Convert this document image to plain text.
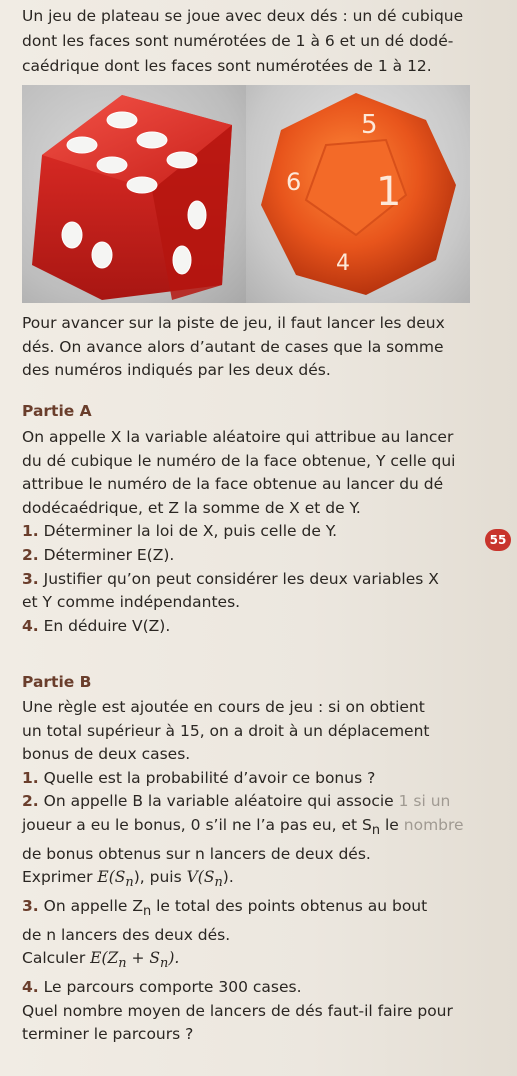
Un jeu de plateau se joue avec deux dés : un dé cubique
dont les faces sont numérotées de 1 à 6 et un dé dodé-
caédrique dont les faces sont numérotées de 1 à 12.
5
6 1
4
Pour avancer sur la piste de jeu, il faut lancer les deux
dés. On avance alors d’autant de cases que la somme
des numéros indiqués par les deux dés.
Partie A
On appelle X la variable aléatoire qui attribue au lancer
du dé cubique le numéro de la face obtenue, Y celle qui
attribue le numéro de la face obtenue au lancer du dé
dodécaédrique, et Z la somme de X et de Y.
1. Déterminer la loi de X, puis celle de Y.
2. Déterminer E(Z).
3. Justifier qu’on peut considérer les deux variables X
et Y comme indépendantes.
4. En déduire V(Z).
55
Partie B
Une règle est ajoutée en cours de jeu : si on obtient
un total supérieur à 15, on a droit à un déplacement
bonus de deux cases.
1. Quelle est la probabilité d’avoir ce bonus ?
2. On appelle B la variable aléatoire qui associe 1 si un
joueur a eu le bonus, 0 s’il ne l’a pas eu, et $S_n$ le nombre
de bonus obtenus sur n lancers de deux dés.
Exprimer $E(S_n)$, puis $V(S_n)$.
3. On appelle $Z_n$ le total des points obtenus au bout
de n lancers des deux dés.
Calculer $E(Z_n + S_n)$.
4. Le parcours comporte 300 cases.
Quel nombre moyen de lancers de dés faut-il faire pour
terminer le parcours ?
